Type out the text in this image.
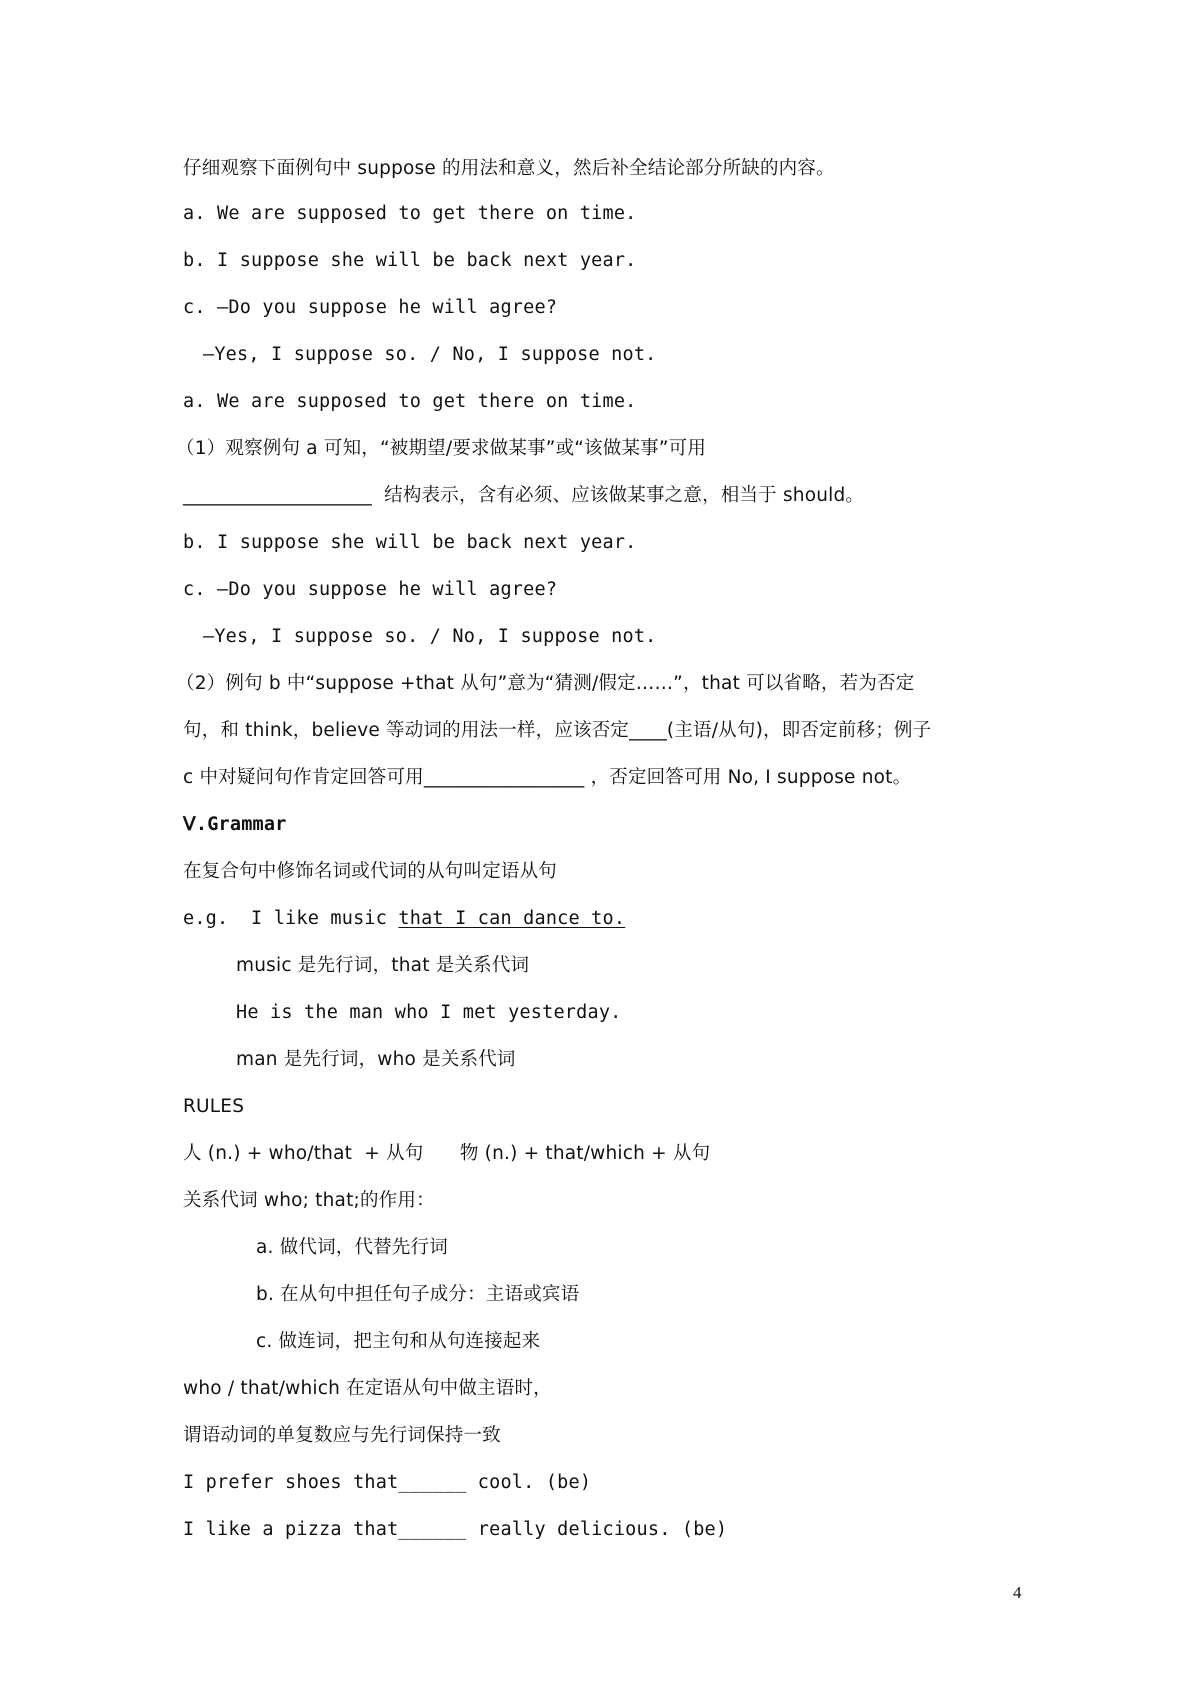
仔细观察下面例句中 suppose 的用法和意义，然后补全结论部分所缺的内容。
a. We are supposed to get there on time.
b. I suppose she will be back next year.
c. —Do you suppose he will agree?
—Yes, I suppose so. / No, I suppose not.
a. We are supposed to get there on time.
（1）观察例句 a 可知，“被期望/要求做某事”或“该做某事”可用
____________________  结构表示，含有必须、应该做某事之意，相当于 should。
b. I suppose she will be back next year.
c. —Do you suppose he will agree?
—Yes, I suppose so. / No, I suppose not.
（2）例句 b 中“suppose +that 从句”意为“猜测/假定……”，that 可以省略，若为否定
句，和 think，believe 等动词的用法一样，应该否定____(主语/从句)，即否定前移；例子
c 中对疑问句作肯定回答可用_________________ ，否定回答可用 No, I suppose not。
Ⅴ.Grammar
在复合句中修饰名词或代词的从句叫定语从句
e.g.  I like music that I can dance to.
music 是先行词，that 是关系代词
He is the man who I met yesterday.
man 是先行词，who 是关系代词
RULES
人 (n.) + who/that  + 从句      物 (n.) + that/which + 从句
关系代词 who; that;的作用：
a. 做代词，代替先行词
b. 在从句中担任句子成分：主语或宾语
c. 做连词，把主句和从句连接起来
who / that/which 在定语从句中做主语时，
谓语动词的单复数应与先行词保持一致
I prefer shoes that______ cool. (be)
I like a pizza that______ really delicious. (be)
4
